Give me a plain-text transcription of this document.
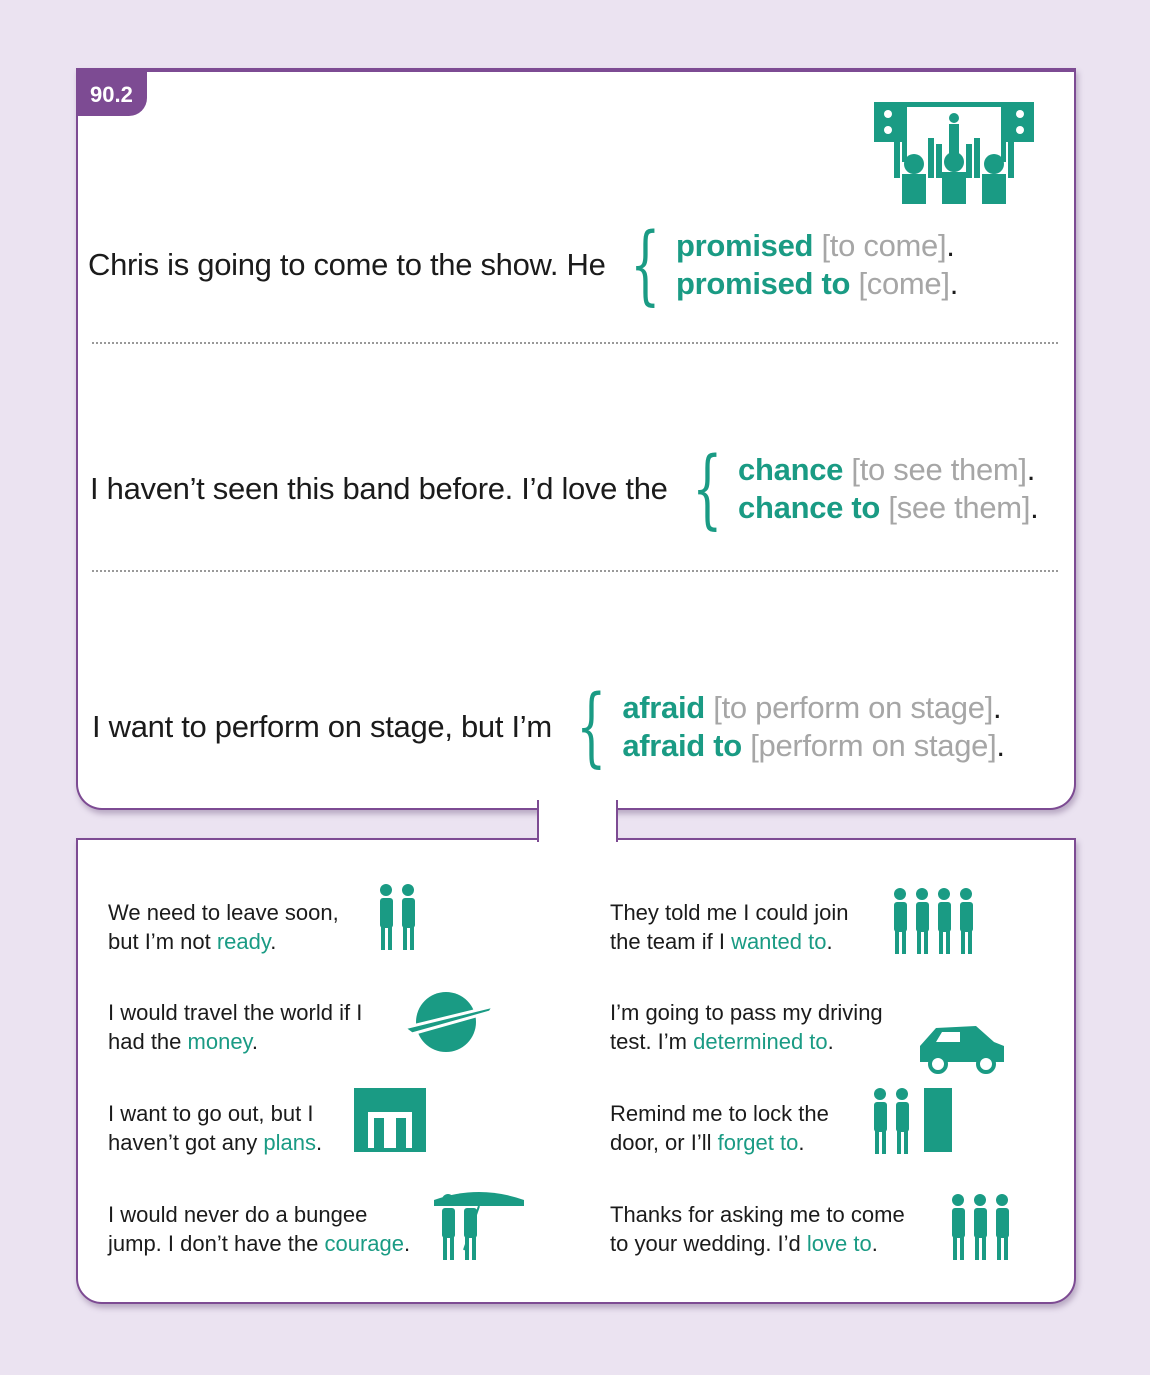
90.2
Chris is going to come to the show. He { promised [to come].
promised to [come].
I haven’t seen this band before. I’d love the { chance [to see them].
chance to [see them].
I want to perform on stage, but I’m { afraid [to perform on stage].
afraid to [perform on stage].
We need to leave soon,
but I’m not ready.
They told me I could join
the team if I wanted to.
I would travel the world if I
had the money.
I’m going to pass my driving
test. I’m determined to.
I want to go out, but I
haven’t got any plans.
Remind me to lock the
door, or I’ll forget to.
I would never do a bungee
jump. I don’t have the courage.
Thanks for asking me to come
to your wedding. I’d love to.
